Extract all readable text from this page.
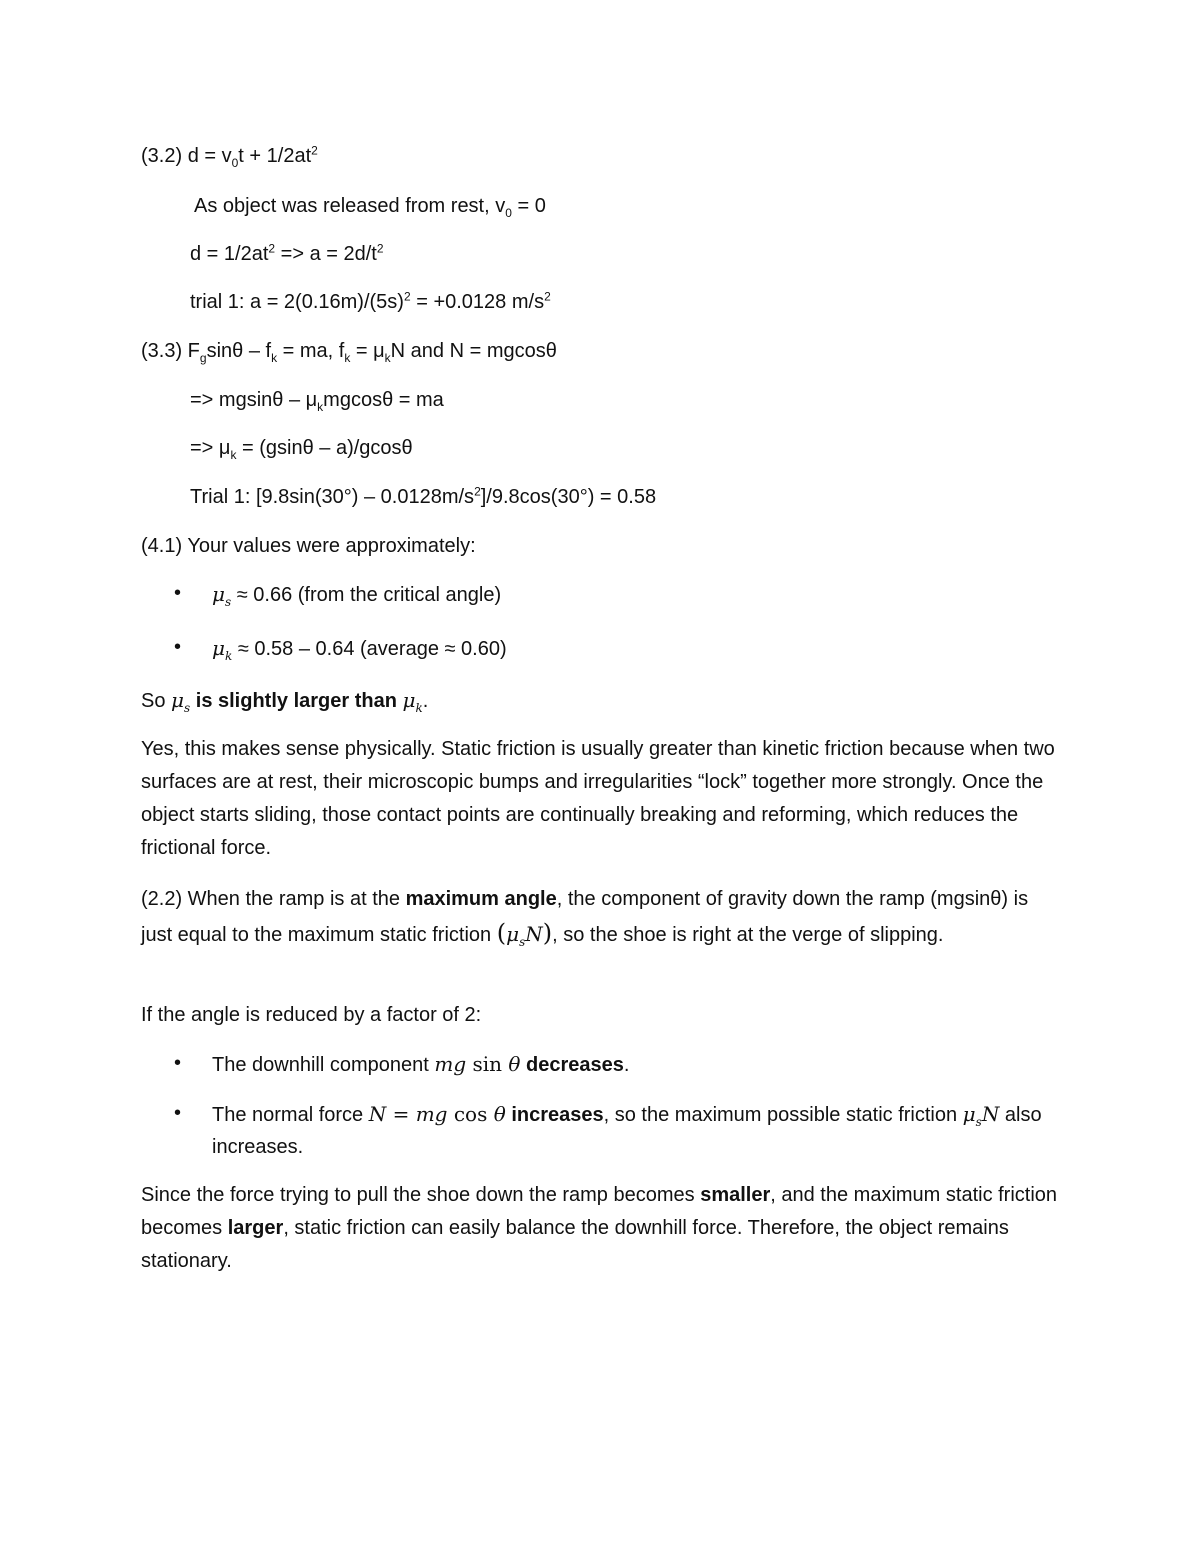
(3.2) $d = v_0t + 1/2at^2$
As object was released from rest, $v_0 = 0$
$d = 1/2at^2 => a = 2d/t^2$
trial 1: $a = 2(0.16m)/(5s)^2 = +0.0128$ $m/s^2$
(3.3) $F_g\sin\theta - f_k$ = ma, $f_k = \mu_kN$ and N = mgcosθ
=> mgsinθ – $\mu_kmgcos\theta$ = ma
=> $\mu_k = (gsin\theta - a)/gcos\theta$
Trial 1: $[9.8\sin(30^\circ) - 0.0128m/s^2]/9.8\cos(30^\circ) = 0.58$
(4.1) Your values were approximately:
• $\mu_s \approx 0.66$ (from the critical angle)
• $\mu_k \approx 0.58 - 0.64$ (average ≈ 0.60)
So $\mu_s$ is slightly larger than $\mu_k$.
Yes, this makes sense physically. Static friction is usually greater than kinetic friction because when two surfaces are at rest, their microscopic bumps and irregularities “lock” together more strongly. Once the object starts sliding, those contact points are continually breaking and reforming, which reduces the frictional force.
(2.2) When the ramp is at the maximum angle, the component of gravity down the ramp (mgsinθ) is just equal to the maximum static friction $(\mu_sN)$, so the shoe is right at the verge of slipping.
If the angle is reduced by a factor of 2:
• The downhill component mg sin θ decreases.
• The normal force N = mg cos θ increases, so the maximum possible static friction $\mu_sN$ also increases.
Since the force trying to pull the shoe down the ramp becomes smaller, and the maximum static friction becomes larger, static friction can easily balance the downhill force. Therefore, the object remains stationary.
